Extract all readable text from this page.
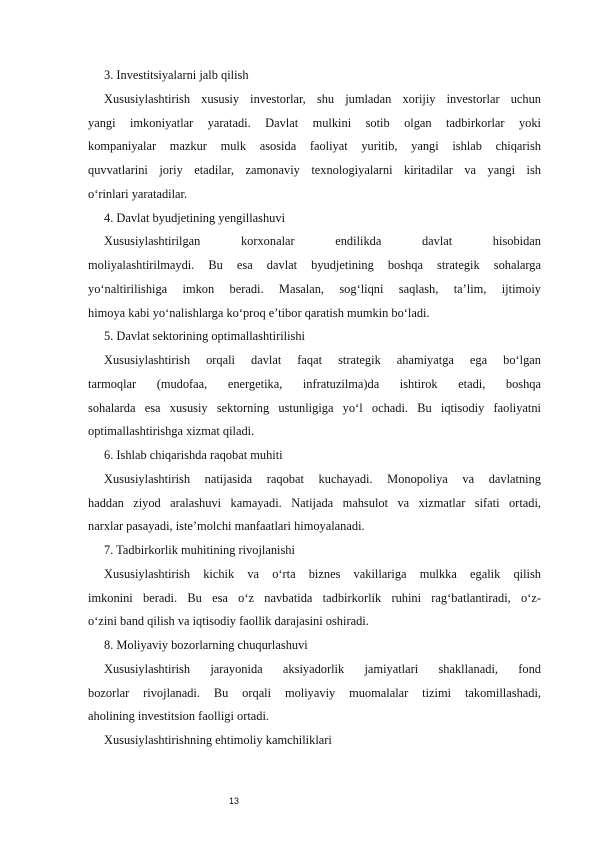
3. Investitsiyalarni jalb qilish
Xususiylashtirish xususiy investorlar, shu jumladan xorijiy investorlar uchun
yangi imkoniyatlar yaratadi. Davlat mulkini sotib olgan tadbirkorlar yoki
kompaniyalar mazkur mulk asosida faoliyat yuritib, yangi ishlab chiqarish
quvvatlarini joriy etadilar, zamonaviy texnologiyalarni kiritadilar va yangi ish
o‘rinlari yaratadilar.
4. Davlat byudjetining yengillashuvi
Xususiylashtirilgan korxonalar endilikda davlat hisobidan
moliyalashtirilmaydi. Bu esa davlat byudjetining boshqa strategik sohalarga
yo‘naltirilishiga imkon beradi. Masalan, sog‘liqni saqlash, ta’lim, ijtimoiy
himoya kabi yo‘nalishlarga ko‘proq e’tibor qaratish mumkin bo‘ladi.
5. Davlat sektorining optimallashtirilishi
Xususiylashtirish orqali davlat faqat strategik ahamiyatga ega bo‘lgan
tarmoqlar (mudofaa, energetika, infratuzilma)da ishtirok etadi, boshqa
sohalarda esa xususiy sektorning ustunligiga yo‘l ochadi. Bu iqtisodiy faoliyatni
optimallashtirishga xizmat qiladi.
6. Ishlab chiqarishda raqobat muhiti
Xususiylashtirish natijasida raqobat kuchayadi. Monopoliya va davlatning
haddan ziyod aralashuvi kamayadi. Natijada mahsulot va xizmatlar sifati ortadi,
narxlar pasayadi, iste’molchi manfaatlari himoyalanadi.
7. Tadbirkorlik muhitining rivojlanishi
Xususiylashtirish kichik va o‘rta biznes vakillariga mulkka egalik qilish
imkonini beradi. Bu esa o‘z navbatida tadbirkorlik ruhini rag‘batlantiradi, o‘z-
o‘zini band qilish va iqtisodiy faollik darajasini oshiradi.
8. Moliyaviy bozorlarning chuqurlashuvi
Xususiylashtirish jarayonida aksiyadorlik jamiyatlari shakllanadi, fond
bozorlar rivojlanadi. Bu orqali moliyaviy muomalalar tizimi takomillashadi,
aholining investitsion faolligi ortadi.
Xususiylashtirishning ehtimoliy kamchiliklari
13
